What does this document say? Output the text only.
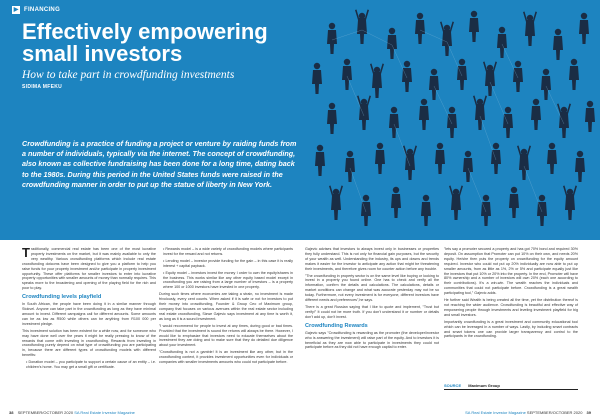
▶ FINANCING
Effectively empowering small investors
How to take part in crowdfunding investments
SIDIMA MFEKU
Crowdfunding is a practice of funding a project or venture by raiding funds from a number of individuals, typically via the internet. The concept of crowdfunding, also known as collective fundraising has been done for a long time, dating back to the 1980s. During this period in the United States funds were raised in the crowdfunding manner in order to put up the statue of liberty in New York.

Traditionally, commercial real estate has been one of the most lucrative property investments on the market, but it was mainly available to only the very wealthy. Various crowdfunding platforms which include real estate crowdfunding dotcoms have been designed to give you a platform to help you raise funds for your property investment and/or participate in property investment opportunity. These offer platforms for smaller investors to enter into lucrative property opportunities with smaller amounts of money than normally requires. This speaks more to the broadening and opening of the playing field for the rich and poor to play.

Crowdfunding levels playfield

In South African, the people have been doing it in a similar manner through Stokvel. Anyone can take part in the crowdfunding as long as they have minimal amount to invest. Different campaigns call for different amounts. Some amounts can be as low as R500 while others can be anything from R100 000 per investment pledge.

This investment solution has been existent for a while now, and for someone who may have done well over the years it might be really pressing to know of the rewards that come with investing in crowdfunding. Rewards from investing in crowdfunding purely depend on what type of crowdfunding you are participating in, because there are different types of crowdfunding models with different benefits:

• Donation model – you participate to support a certain cause of an entity – i.e. children's home. You may get a small gift or certificate.
• Rewards model – is a wide variety of crowdfunding models where participants invest for the reward and not returns.
• Lending model – investor provide funding for the gain – in this case it is really interest + capital payback.
• Equity model – investors invest the money I order to own the equity/shares in the business. This works similar like any other equity based model except in crowdfunding you are raising from a large number of investors – is a property where 100 or 1000 investors have invested in one property.

During such times where economies are taking a strain, no investment is made frivolously, every cent counts. When asked if it is safe or not for investors to put their money into crowdfunding, Founder & Group Ceo of Maximum group, company that focuses on various avenues within the real estate sector including real estate crowdfunding, Sizwe Gajevic says investment at any time is worth it, as long as it is a sound investment.

"I would recommend for people to invest at any times, during good or bad times. Provided that the investment is sound the returns will always be there. However, I would like to emphasize that investors need to educate themselves about the investment they are doing and to make sure that they do detailed due diligence about your investment.

"Crowdfunding is not a gamble! It is an investment like any other, but in the crowdfunding context, it provides investment opportunities even for individuals or companies with smaller investments amounts who could not participate before.

Gajevic advises that investors to always invest only in businesses or properties they fully understand. This is not only for financial gain purposes, but the security of your wealth as well. Understanding the industry, its ups and downs and trends makes it easier for the investor to anticipate any action that might be threatening their investments, and therefore gives room for counter action before any trouble.

"The crowdfunding in property sector is on the same level like buying or looking to invest in a property you found online. One has to check and verify all the information, confirm the details and calculations. The calculations, details or market conditions can change and what was accurate yesterday may not be so today. Furthermore, not every investment is for everyone, different investors have different needs and preferences",he says.

There is a great Russian saying that I like to quote and implement, "Trust but verify!" It could not be more truth. If you don't understand it or number or details don't add up, don't invest.

Crowdfunding Rewards

Gajevic says "Crowdfunding is rewarding as the promoter (the developer/investor who is answering the investment) will raise part of the equity. And to investors it is beneficial as they are now able to participate in investments they could not participate before as they did not have enough capital to enter.

"lets say a promoter secured a property and has got 70% bond and required 30% deposit. On assumption that Promoter can put 10% on their own, and needs 20% equity. He/she then puts the property on crowdfunding for the equity amount required. Investor who could not put up 20% individually are now able to put up smaller amounts, from as little as 1%, 2% or 5% and participate equally just like the investors that put 10% or 20% into the property. In the end, Promoter will have 80% ownership and a number of investors will own 20% (each one according to their contributions). It's a win-win. The wealth reaches the individuals and communities that could not participate before. Crowdfunding is a great wealth participating tool," Gajevic adds.

He further said Wealth is being created all the time, yet the distribution thereof is not reaching the wider audience. Crowdfunding is beautiful and effective way of empowering people through investments and leveling investment playfield for big and small investors.

Importantly crowdfunding is a great investment and community educational tool which can be leveraged in a number of ways. Lastly, by including smart contracts and smart tokens one can provide larger transparency and control to the participants in the crowdfunding.

SOURCE Maximum Group
38 SEPTEMBER/OCTOBER 2020 SA Real Estate Investor Magazine	SA Real Estate Investor Magazine SEPTEMBER/OCTOBER 2020 39
